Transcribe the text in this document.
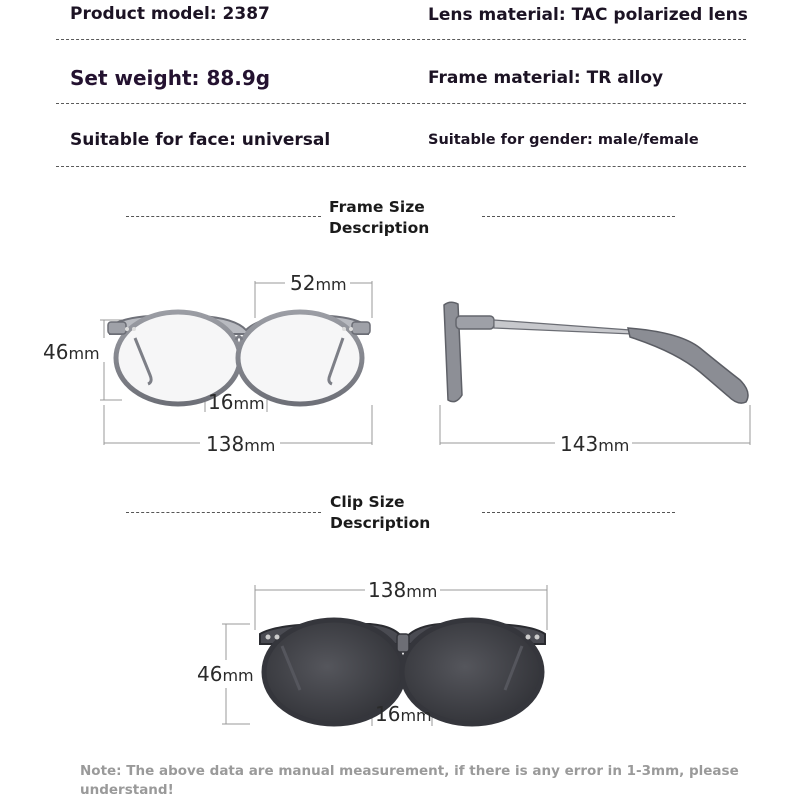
Product model: 2387	Lens material: TAC polarized lens
Set weight: 88.9g	Frame material: TR alloy
Suitable for face: universal	Suitable for gender: male/female
Frame Size
Description
Clip Size
Description
52mm
46mm
16mm
138mm	143mm
138mm
46mm
16mm
Note: The above data are manual measurement, if there is any error in 1-3mm, please understand!
